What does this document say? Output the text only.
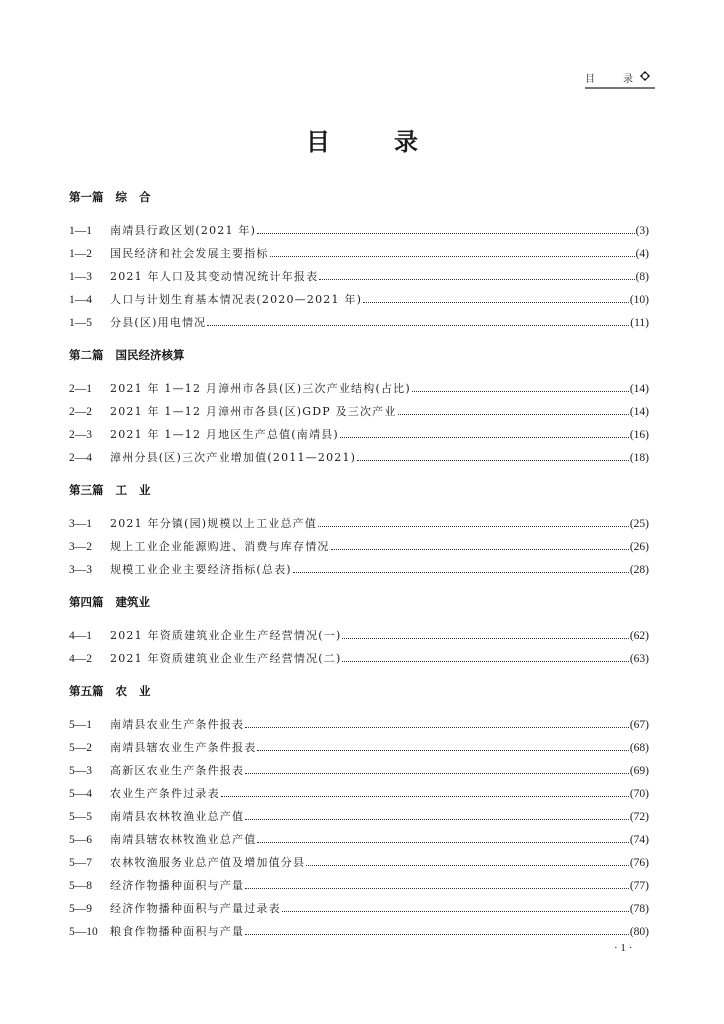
目	录
目	录
第一篇   综   合
1—1	南靖县行政区划(2021 年)	(3)
1—2	国民经济和社会发展主要指标	(4)
1—3	2021 年人口及其变动情况统计年报表	(8)
1—4	人口与计划生育基本情况表(2020—2021 年)	(10)
1—5	分县(区)用电情况	(11)
第二篇   国民经济核算
2—1	2021 年 1—12 月漳州市各县(区)三次产业结构(占比)	(14)
2—2	2021 年 1—12 月漳州市各县(区)GDP 及三次产业	(14)
2—3	2021 年 1—12 月地区生产总值(南靖县)	(16)
2—4	漳州分县(区)三次产业增加值(2011—2021)	(18)
第三篇   工   业
3—1	2021 年分镇(园)规模以上工业总产值	(25)
3—2	规上工业企业能源购进、消费与库存情况	(26)
3—3	规模工业企业主要经济指标(总表)	(28)
第四篇   建筑业
4—1	2021 年资质建筑业企业生产经营情况(一)	(62)
4—2	2021 年资质建筑业企业生产经营情况(二)	(63)
第五篇   农   业
5—1	南靖县农业生产条件报表	(67)
5—2	南靖县辖农业生产条件报表	(68)
5—3	高新区农业生产条件报表	(69)
5—4	农业生产条件过录表	(70)
5—5	南靖县农林牧渔业总产值	(72)
5—6	南靖县辖农林牧渔业总产值	(74)
5—7	农林牧渔服务业总产值及增加值分县	(76)
5—8	经济作物播种面积与产量	(77)
5—9	经济作物播种面积与产量过录表	(78)
5—10	粮食作物播种面积与产量	(80)
· 1 ·
